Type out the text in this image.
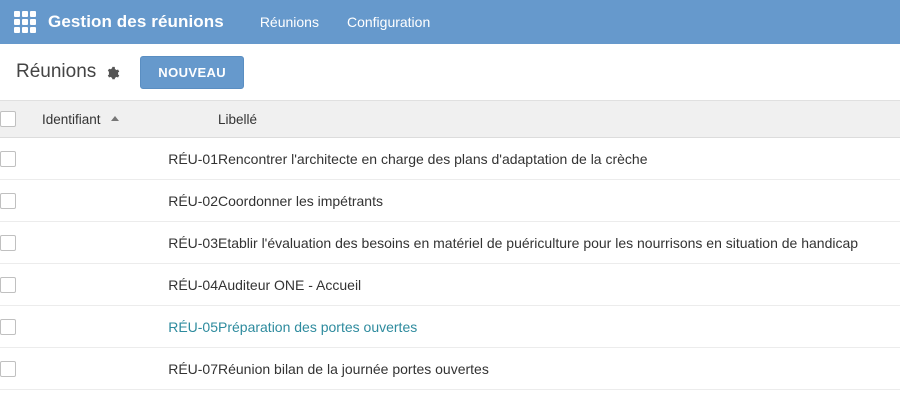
Gestion des réunions	Réunions	Configuration
Réunions	NOUVEAU
	Identifiant	Libellé
	RÉU-01	Rencontrer l'architecte en charge des plans d'adaptation de la crèche
	RÉU-02	Coordonner les impétrants
	RÉU-03	Etablir l'évaluation des besoins en matériel de puériculture pour les nourrisons en situation de handicap
	RÉU-04	Auditeur ONE - Accueil
	RÉU-05	Préparation des portes ouvertes
	RÉU-07	Réunion bilan de la journée portes ouvertes
